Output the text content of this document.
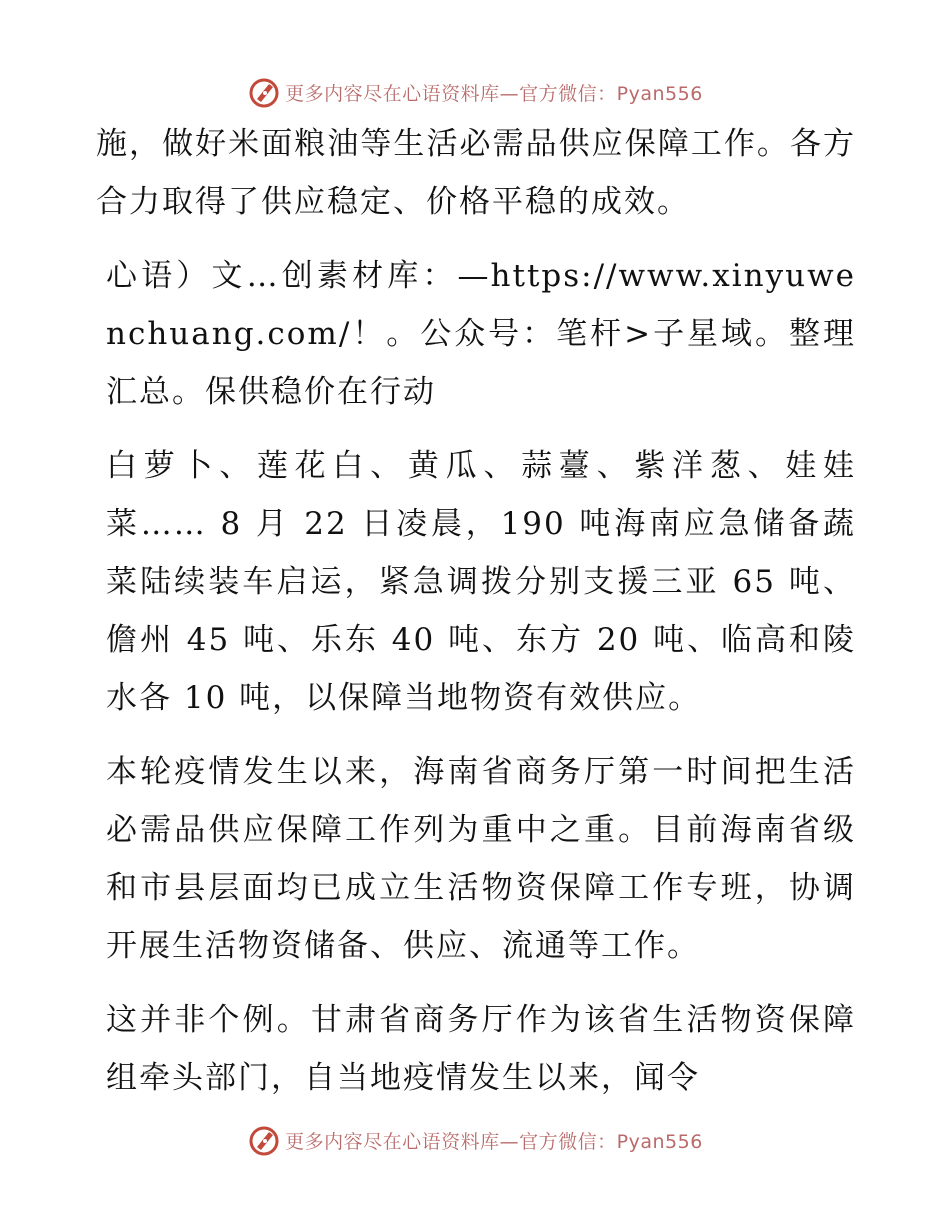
更多内容尽在心语资料库—官方微信：Pyan556

施，做好米面粮油等生活必需品供应保障工作。各方合力取得了供应稳定、价格平稳的成效。

心语）文…创素材库：—https://www.xinyuwenchuang.com/！。公众号：笔杆>子星域。整理汇总。保供稳价在行动

白萝卜、莲花白、黄瓜、蒜薹、紫洋葱、娃娃菜…… 8 月 22 日凌晨，190 吨海南应急储备蔬菜陆续装车启运，紧急调拨分别支援三亚 65 吨、儋州 45 吨、乐东 40 吨、东方 20 吨、临高和陵水各 10 吨，以保障当地物资有效供应。

本轮疫情发生以来，海南省商务厅第一时间把生活必需品供应保障工作列为重中之重。目前海南省级和市县层面均已成立生活物资保障工作专班，协调开展生活物资储备、供应、流通等工作。

这并非个例。甘肃省商务厅作为该省生活物资保障组牵头部门，自当地疫情发生以来，闻令

更多内容尽在心语资料库—官方微信：Pyan556
